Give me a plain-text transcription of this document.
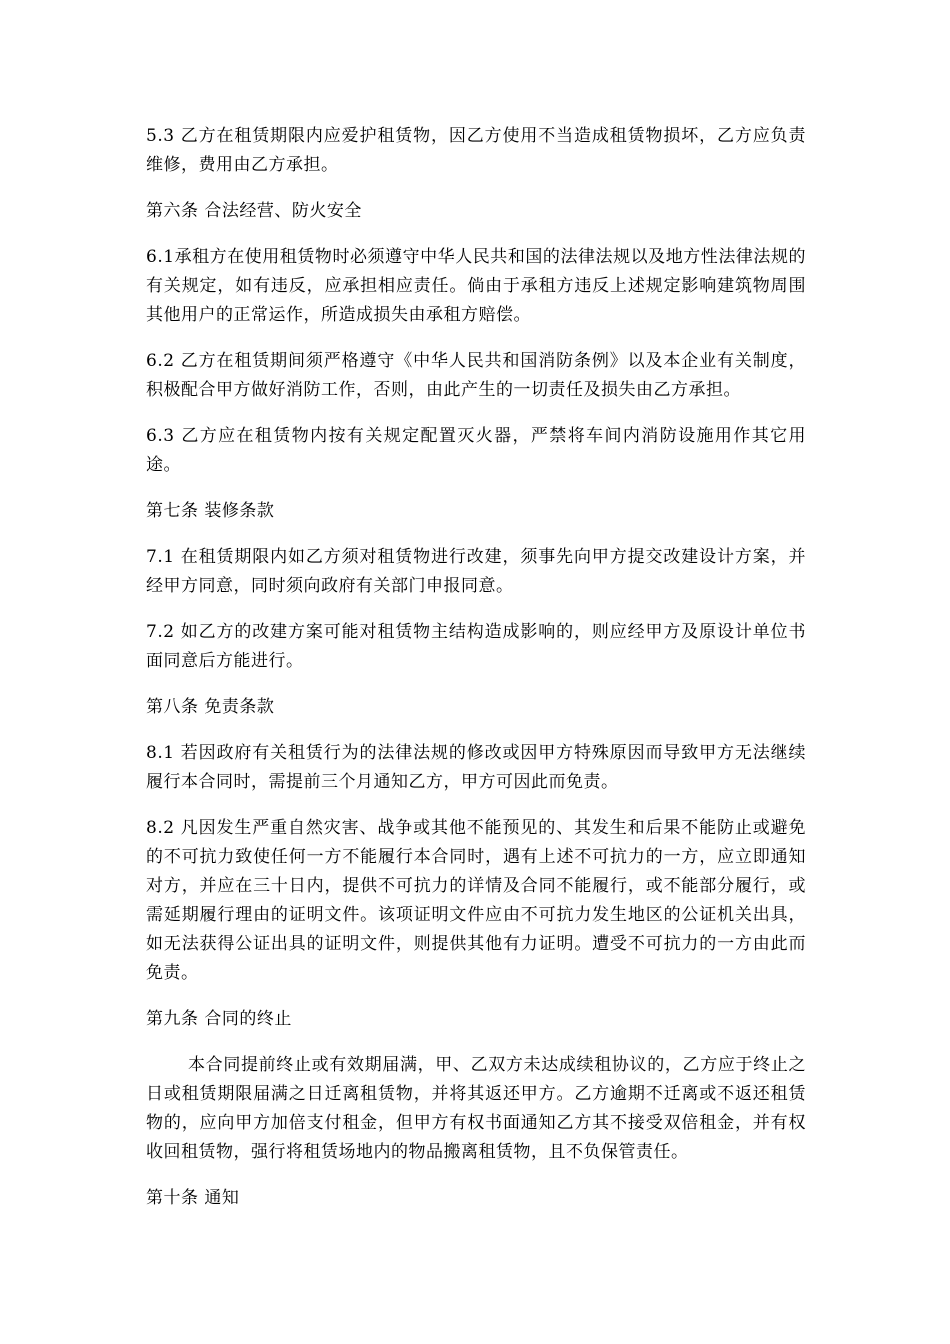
5.3 乙方在租赁期限内应爱护租赁物，因乙方使用不当造成租赁物损坏，乙方应负责维修，费用由乙方承担。

第六条 合法经营、防火安全

6.1承租方在使用租赁物时必须遵守中华人民共和国的法律法规以及地方性法律法规的有关规定，如有违反，应承担相应责任。倘由于承租方违反上述规定影响建筑物周围其他用户的正常运作，所造成损失由承租方赔偿。

6.2 乙方在租赁期间须严格遵守《中华人民共和国消防条例》以及本企业有关制度，积极配合甲方做好消防工作，否则，由此产生的一切责任及损失由乙方承担。

6.3 乙方应在租赁物内按有关规定配置灭火器，严禁将车间内消防设施用作其它用途。

第七条 装修条款

7.1 在租赁期限内如乙方须对租赁物进行改建，须事先向甲方提交改建设计方案，并经甲方同意，同时须向政府有关部门申报同意。

7.2 如乙方的改建方案可能对租赁物主结构造成影响的，则应经甲方及原设计单位书面同意后方能进行。

第八条 免责条款

8.1 若因政府有关租赁行为的法律法规的修改或因甲方特殊原因而导致甲方无法继续履行本合同时，需提前三个月通知乙方，甲方可因此而免责。

8.2 凡因发生严重自然灾害、战争或其他不能预见的、其发生和后果不能防止或避免的不可抗力致使任何一方不能履行本合同时，遇有上述不可抗力的一方，应立即通知对方，并应在三十日内，提供不可抗力的详情及合同不能履行，或不能部分履行，或需延期履行理由的证明文件。该项证明文件应由不可抗力发生地区的公证机关出具，如无法获得公证出具的证明文件，则提供其他有力证明。遭受不可抗力的一方由此而免责。

第九条 合同的终止

本合同提前终止或有效期届满，甲、乙双方未达成续租协议的，乙方应于终止之日或租赁期限届满之日迁离租赁物，并将其返还甲方。乙方逾期不迁离或不返还租赁物的，应向甲方加倍支付租金，但甲方有权书面通知乙方其不接受双倍租金，并有权收回租赁物，强行将租赁场地内的物品搬离租赁物，且不负保管责任。

第十条 通知
